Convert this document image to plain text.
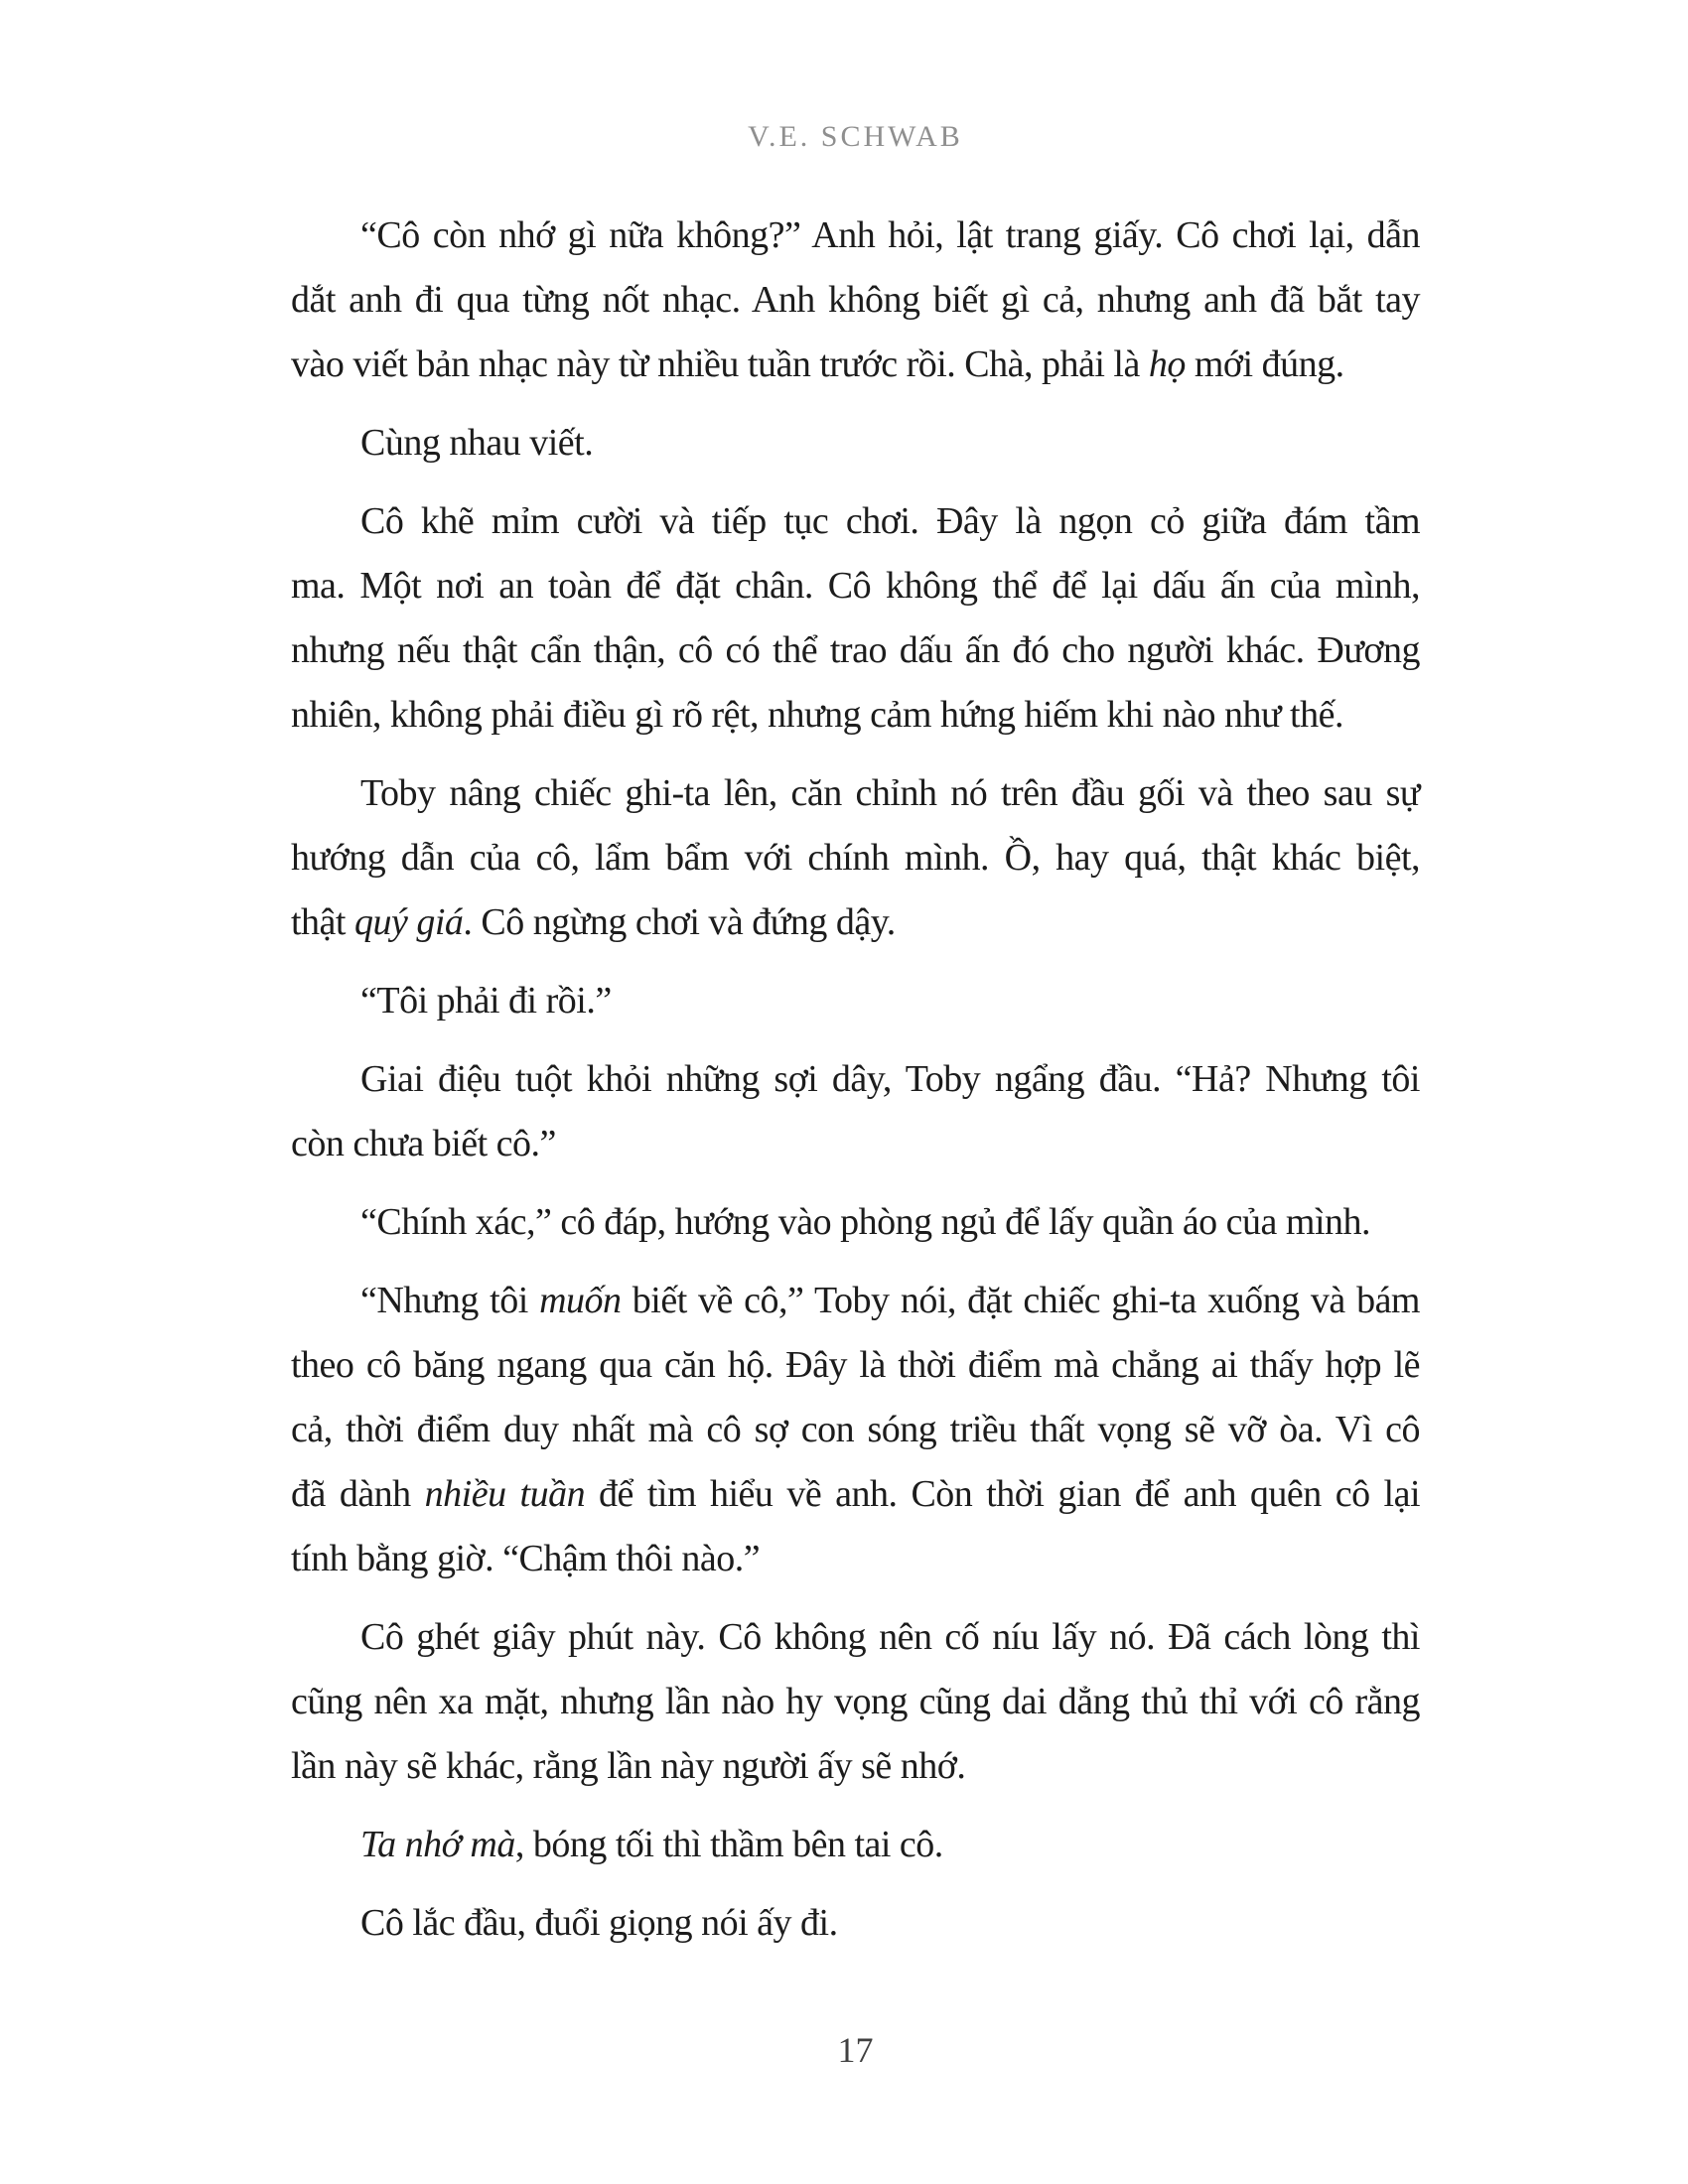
V.E. SCHWAB
“Cô còn nhớ gì nữa không?” Anh hỏi, lật trang giấy. Cô chơi lại, dẫn
dắt anh đi qua từng nốt nhạc. Anh không biết gì cả, nhưng anh đã bắt tay
vào viết bản nhạc này từ nhiều tuần trước rồi. Chà, phải là họ mới đúng.
Cùng nhau viết.
Cô khẽ mỉm cười và tiếp tục chơi. Đây là ngọn cỏ giữa đám tầm
ma. Một nơi an toàn để đặt chân. Cô không thể để lại dấu ấn của mình,
nhưng nếu thật cẩn thận, cô có thể trao dấu ấn đó cho người khác. Đương
nhiên, không phải điều gì rõ rệt, nhưng cảm hứng hiếm khi nào như thế.
Toby nâng chiếc ghi-ta lên, căn chỉnh nó trên đầu gối và theo sau sự
hướng dẫn của cô, lẩm bẩm với chính mình. Ồ, hay quá, thật khác biệt,
thật quý giá. Cô ngừng chơi và đứng dậy.
“Tôi phải đi rồi.”
Giai điệu tuột khỏi những sợi dây, Toby ngẩng đầu. “Hả? Nhưng tôi
còn chưa biết cô.”
“Chính xác,” cô đáp, hướng vào phòng ngủ để lấy quần áo của mình.
“Nhưng tôi muốn biết về cô,” Toby nói, đặt chiếc ghi-ta xuống và bám
theo cô băng ngang qua căn hộ. Đây là thời điểm mà chẳng ai thấy hợp lẽ
cả, thời điểm duy nhất mà cô sợ con sóng triều thất vọng sẽ vỡ òa. Vì cô
đã dành nhiều tuần để tìm hiểu về anh. Còn thời gian để anh quên cô lại
tính bằng giờ. “Chậm thôi nào.”
Cô ghét giây phút này. Cô không nên cố níu lấy nó. Đã cách lòng thì
cũng nên xa mặt, nhưng lần nào hy vọng cũng dai dẳng thủ thỉ với cô rằng
lần này sẽ khác, rằng lần này người ấy sẽ nhớ.
Ta nhớ mà, bóng tối thì thầm bên tai cô.
Cô lắc đầu, đuổi giọng nói ấy đi.
17
